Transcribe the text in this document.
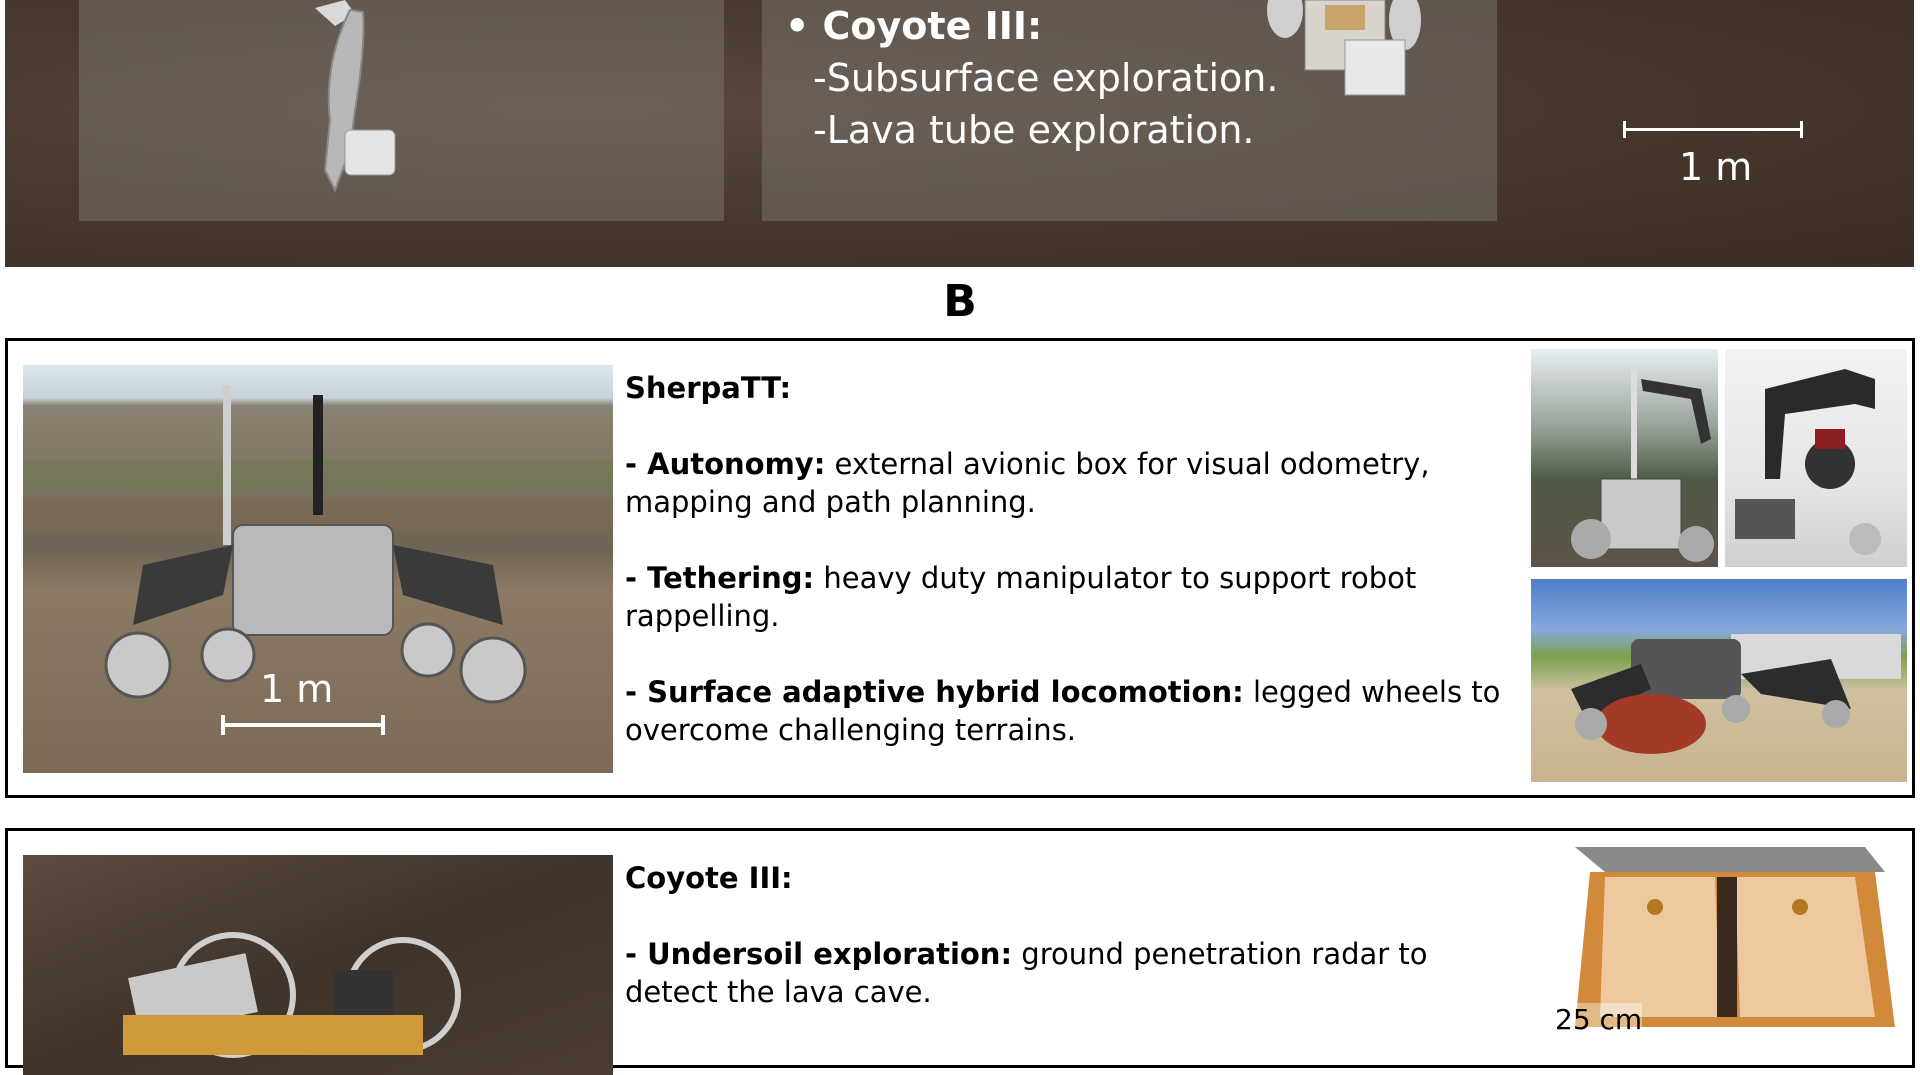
• Coyote III:
-Subsurface exploration.
-Lava tube exploration.
1 m
B
1 m

SherpaTT:

- Autonomy: external avionic box for visual odometry, mapping and path planning.

- Tethering: heavy duty manipulator to support robot rappelling.

- Surface adaptive hybrid locomotion: legged wheels to overcome challenging terrains.

Coyote III:

- Undersoil exploration: ground penetration radar to detect the lava cave.

25 cm
